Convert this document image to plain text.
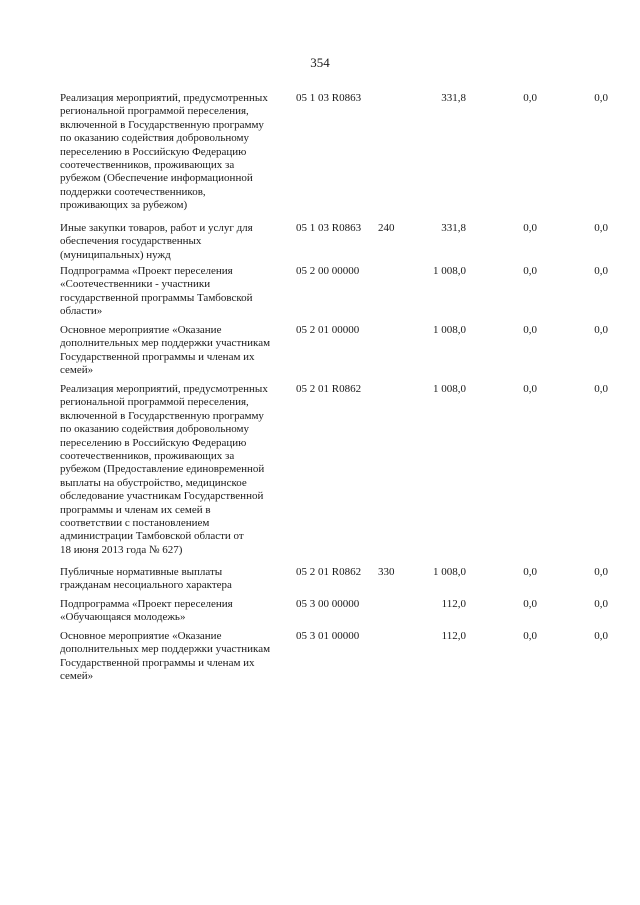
354
Реализация мероприятий, предусмотренных
региональной программой переселения,
включенной в Государственную программу
по оказанию содействия добровольному
переселению в Российскую Федерацию
соотечественников, проживающих за
рубежом (Обеспечение информационной
поддержки соотечественников,
проживающих за рубежом)
05 1 03 R0863	331,8	0,0	0,0
Иные закупки товаров, работ и услуг для
обеспечения государственных
(муниципальных) нужд
05 1 03 R0863 240	331,8	0,0	0,0
Подпрограмма «Проект переселения
«Соотечественники - участники
государственной программы Тамбовской
области»
05 2 00 00000	1 008,0	0,0	0,0
Основное мероприятие «Оказание
дополнительных мер поддержки участникам
Государственной программы и членам их
семей»
05 2 01 00000	1 008,0	0,0	0,0
Реализация мероприятий, предусмотренных
региональной программой переселения,
включенной в Государственную программу
по оказанию содействия добровольному
переселению в Российскую Федерацию
соотечественников, проживающих за
рубежом (Предоставление единовременной
выплаты на обустройство, медицинское
обследование участникам Государственной
программы и членам их семей в
соответствии с постановлением
администрации Тамбовской области от
18 июня 2013 года № 627)
05 2 01 R0862	1 008,0	0,0	0,0
Публичные нормативные выплаты
гражданам несоциального характера
05 2 01 R0862 330	1 008,0	0,0	0,0
Подпрограмма «Проект переселения
«Обучающаяся молодежь»
05 3 00 00000	112,0	0,0	0,0
Основное мероприятие «Оказание
дополнительных мер поддержки участникам
Государственной программы и членам их
семей»
05 3 01 00000	112,0	0,0	0,0
